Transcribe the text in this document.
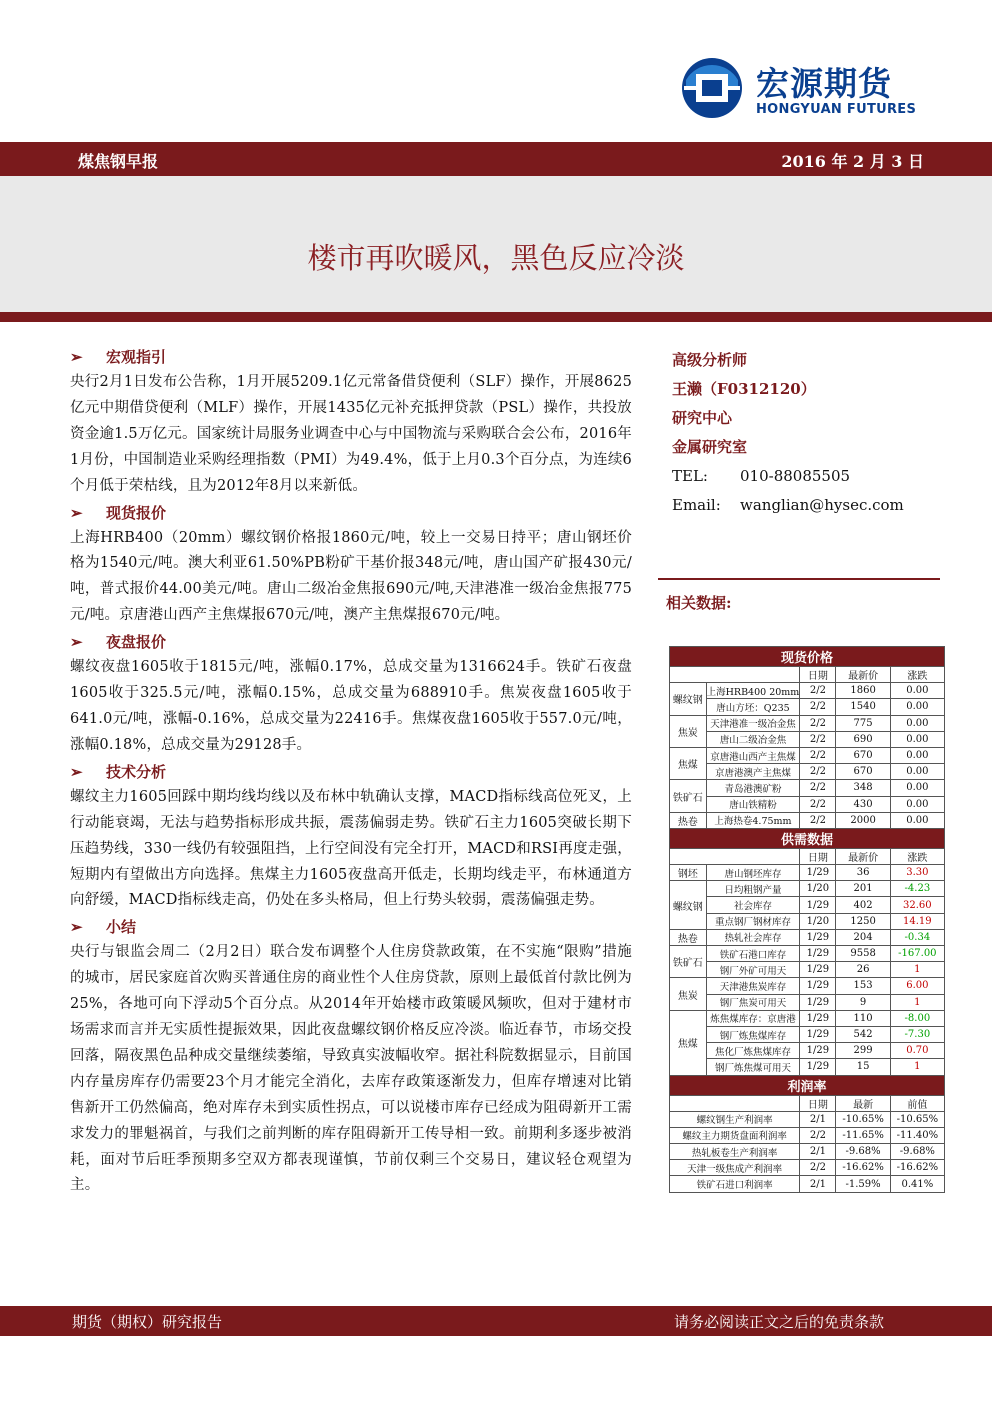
宏源期货
HONGYUAN FUTURES
煤焦钢早报	2016 年 2 月 3 日
楼市再吹暖风，黑色反应冷淡
➢ 宏观指引
央行2月1日发布公告称，1月开展5209.1亿元常备借贷便利（SLF）操作，开展8625亿元中期借贷便利（MLF）操作，开展1435亿元补充抵押贷款（PSL）操作，共投放资金逾1.5万亿元。国家统计局服务业调查中心与中国物流与采购联合会公布，2016年1月份，中国制造业采购经理指数（PMI）为49.4%，低于上月0.3个百分点，为连续6个月低于荣枯线，且为2012年8月以来新低。
➢ 现货报价
上海HRB400（20mm）螺纹钢价格报1860元/吨，较上一交易日持平；唐山钢坯价格为1540元/吨。澳大利亚61.50%PB粉矿干基价报348元/吨，唐山国产矿报430元/吨，普式报价44.00美元/吨。唐山二级冶金焦报690元/吨,天津港准一级冶金焦报775元/吨。京唐港山西产主焦煤报670元/吨，澳产主焦煤报670元/吨。
➢ 夜盘报价
螺纹夜盘1605收于1815元/吨，涨幅0.17%，总成交量为1316624手。铁矿石夜盘1605收于325.5元/吨，涨幅0.15%，总成交量为688910手。焦炭夜盘1605收于641.0元/吨，涨幅-0.16%，总成交量为22416手。焦煤夜盘1605收于557.0元/吨，涨幅0.18%，总成交量为29128手。
➢ 技术分析
螺纹主力1605回踩中期均线均线以及布林中轨确认支撑，MACD指标线高位死叉，上行动能衰竭，无法与趋势指标形成共振，震荡偏弱走势。铁矿石主力1605突破长期下压趋势线，330一线仍有较强阻挡，上行空间没有完全打开，MACD和RSI再度走强，短期内有望做出方向选择。焦煤主力1605夜盘高开低走，长期均线走平，布林通道方向舒缓，MACD指标线走高，仍处在多头格局，但上行势头较弱，震荡偏强走势。
➢ 小结
央行与银监会周二（2月2日）联合发布调整个人住房贷款政策，在不实施“限购”措施的城市，居民家庭首次购买普通住房的商业性个人住房贷款，原则上最低首付款比例为25%，各地可向下浮动5个百分点。从2014年开始楼市政策暖风频吹，但对于建材市场需求而言并无实质性提振效果，因此夜盘螺纹钢价格反应冷淡。临近春节，市场交投回落，隔夜黑色品种成交量继续萎缩，导致真实波幅收窄。据社科院数据显示，目前国内存量房库存仍需要23个月才能完全消化，去库存政策逐渐发力，但库存增速对比销售新开工仍然偏高，绝对库存未到实质性拐点，可以说楼市库存已经成为阻碍新开工需求发力的罪魁祸首，与我们之前判断的库存阻碍新开工传导相一致。前期利多逐步被消耗，面对节后旺季预期多空双方都表现谨慎，节前仅剩三个交易日，建议轻仓观望为主。
高级分析师
王濑（F0312120）
研究中心
金属研究室
TEL: 010-88085505
Email: wanglian@hysec.com
相关数据:
现货价格				
		日期	最新价	涨跌
螺纹钢	上海HRB400 20mm	2/2	1860	0.00
	唐山方坯：Q235	2/2	1540	0.00
焦炭	天津港准一级冶金焦	2/2	775	0.00
	唐山二级冶金焦	2/2	690	0.00
焦煤	京唐港山西产主焦煤	2/2	670	0.00
	京唐港澳产主焦煤	2/2	670	0.00
铁矿石	青岛港澳矿粉	2/2	348	0.00
	唐山铁精粉	2/2	430	0.00
热卷	上海热卷4.75mm	2/2	2000	0.00
供需数据				
		日期	最新价	涨跌
钢坯	唐山钢坯库存	1/29	36	3.30
螺纹钢	日均粗钢产量	1/20	201	-4.23
	社会库存	1/29	402	32.60
	重点钢厂钢材库存	1/20	1250	14.19
热卷	热轧社会库存	1/29	204	-0.34
铁矿石	铁矿石港口库存	1/29	9558	-167.00
	钢厂外矿可用天	1/29	26	1
焦炭	天津港焦炭库存	1/29	153	6.00
	钢厂焦炭可用天	1/29	9	1
焦煤	炼焦煤库存：京唐港	1/29	110	-8.00
	钢厂炼焦煤库存	1/29	542	-7.30
	焦化厂炼焦煤库存	1/29	299	0.70
	钢厂炼焦煤可用天	1/29	15	1
利润率				
		日期	最新	前值
螺纹钢生产利润率		2/1	-10.65%	-10.65%
螺纹主力期货盘面利润率		2/2	-11.65%	-11.40%
热轧板卷生产利润率		2/1	-9.68%	-9.68%
天津一级焦成产利润率		2/2	-16.62%	-16.62%
铁矿石进口利润率		2/1	-1.59%	0.41%
期货（期权）研究报告	请务必阅读正文之后的免责条款
